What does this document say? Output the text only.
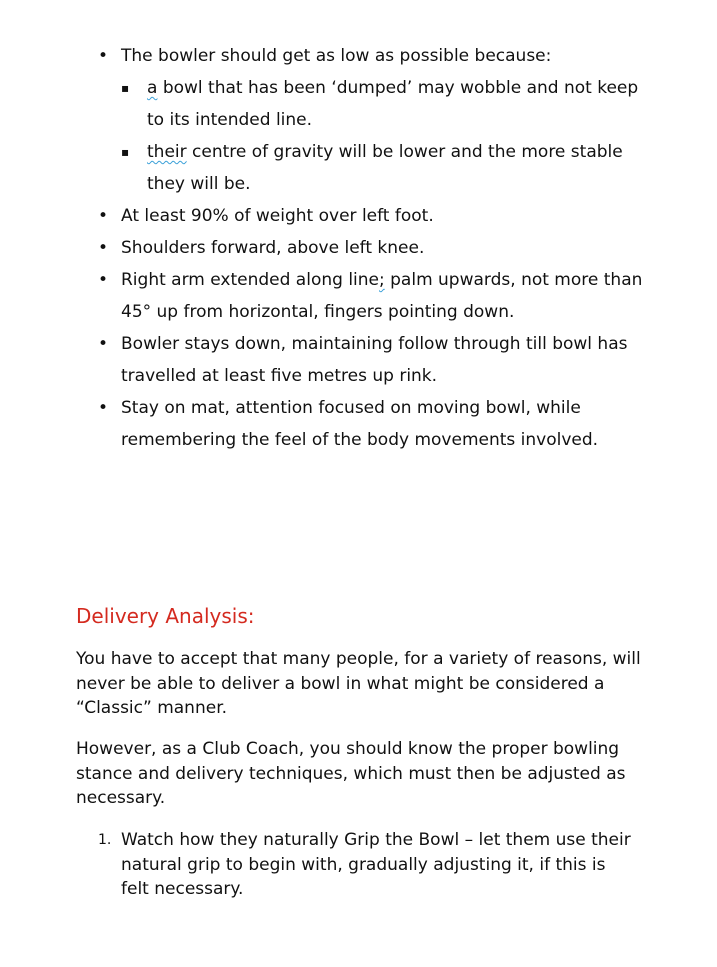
• The bowler should get as low as possible because:
▪ a bowl that has been ‘dumped’ may wobble and not keep to its intended line.
▪ their centre of gravity will be lower and the more stable they will be.
• At least 90% of weight over left foot.
• Shoulders forward, above left knee.
• Right arm extended along line; palm upwards, not more than 45° up from horizontal, fingers pointing down.
• Bowler stays down, maintaining follow through till bowl has travelled at least five metres up rink.
• Stay on mat, attention focused on moving bowl, while remembering the feel of the body movements involved.
Delivery Analysis:

You have to accept that many people, for a variety of reasons, will never be able to deliver a bowl in what might be considered a “Classic” manner.

However, as a Club Coach, you should know the proper bowling stance and delivery techniques, which must then be adjusted as necessary.

1. Watch how they naturally Grip the Bowl – let them use their natural grip to begin with, gradually adjusting it, if this is felt necessary.
